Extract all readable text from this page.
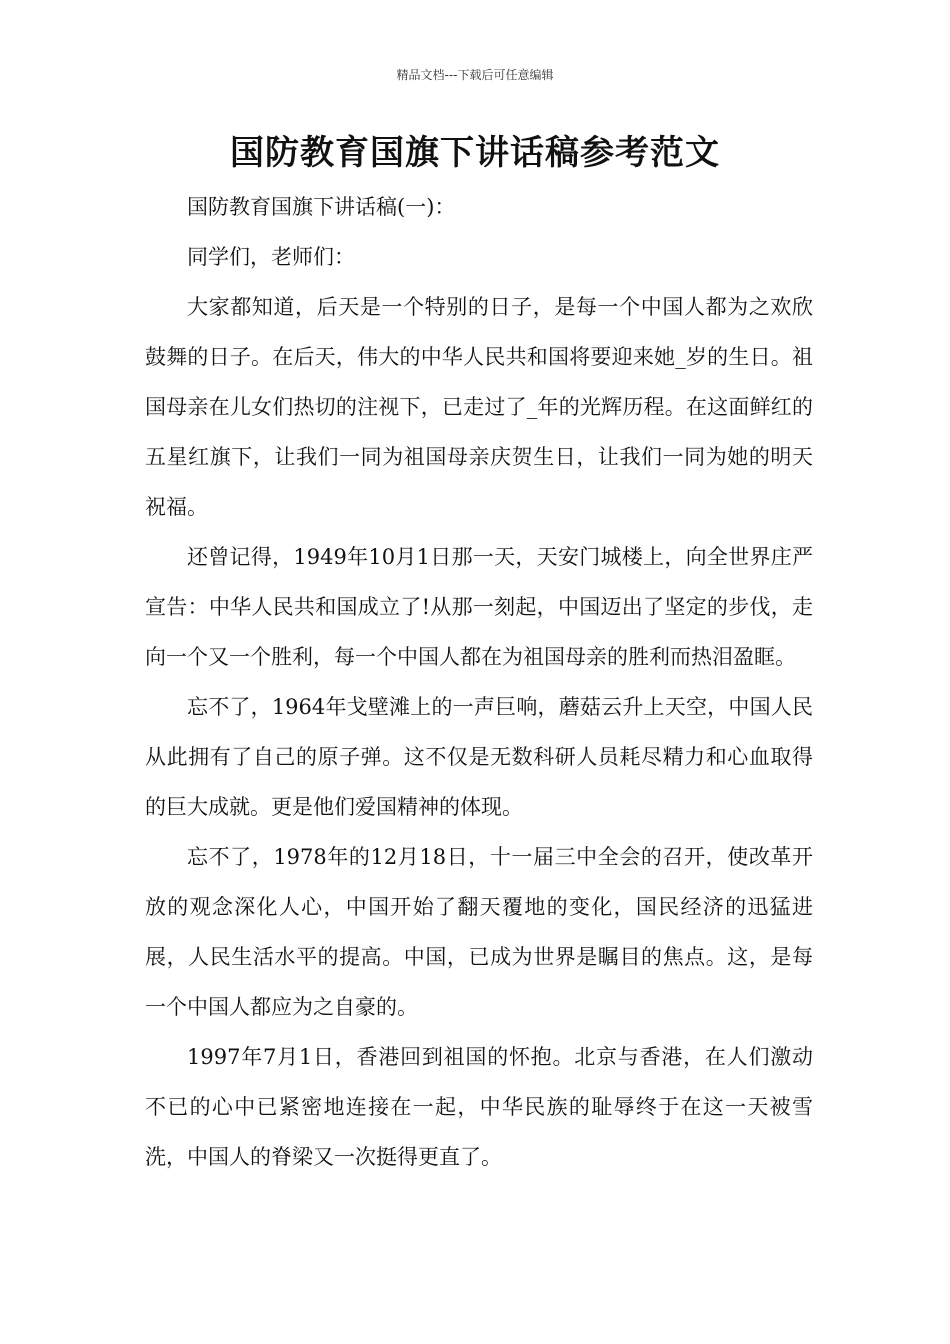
精品文档---下载后可任意编辑
国防教育国旗下讲话稿参考范文

国防教育国旗下讲话稿(一)：

同学们，老师们：

大家都知道，后天是一个特别的日子，是每一个中国人都为之欢欣鼓舞的日子。在后天，伟大的中华人民共和国将要迎来她_岁的生日。祖国母亲在儿女们热切的注视下，已走过了_年的光辉历程。在这面鲜红的五星红旗下，让我们一同为祖国母亲庆贺生日，让我们一同为她的明天祝福。

还曾记得，1949年10月1日那一天，天安门城楼上，向全世界庄严宣告：中华人民共和国成立了!从那一刻起，中国迈出了坚定的步伐，走向一个又一个胜利，每一个中国人都在为祖国母亲的胜利而热泪盈眶。

忘不了，1964年戈壁滩上的一声巨响，蘑菇云升上天空，中国人民从此拥有了自己的原子弹。这不仅是无数科研人员耗尽精力和心血取得的巨大成就。更是他们爱国精神的体现。

忘不了，1978年的12月18日，十一届三中全会的召开，使改革开放的观念深化人心，中国开始了翻天覆地的变化，国民经济的迅猛进展，人民生活水平的提高。中国，已成为世界是瞩目的焦点。这，是每一个中国人都应为之自豪的。

1997年7月1日，香港回到祖国的怀抱。北京与香港，在人们激动不已的心中已紧密地连接在一起，中华民族的耻辱终于在这一天被雪洗，中国人的脊梁又一次挺得更直了。
